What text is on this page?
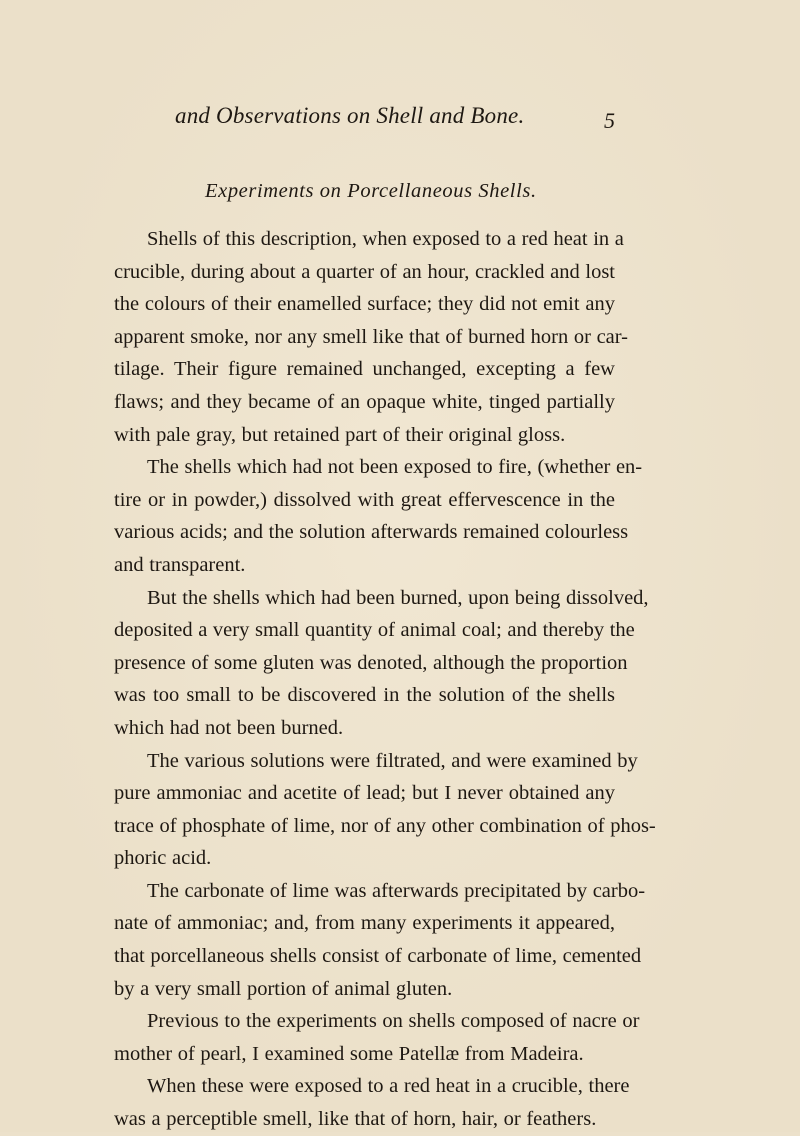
and Observations on Shell and Bone.	5
Experiments on Porcellaneous Shells.
Shells of this description, when exposed to a red heat in a
crucible, during about a quarter of an hour, crackled and lost
the colours of their enamelled surface; they did not emit any
apparent smoke, nor any smell like that of burned horn or car-
tilage. Their figure remained unchanged, excepting a few
flaws; and they became of an opaque white, tinged partially
with pale gray, but retained part of their original gloss.
The shells which had not been exposed to fire, (whether en-
tire or in powder,) dissolved with great effervescence in the
various acids; and the solution afterwards remained colourless
and transparent.
But the shells which had been burned, upon being dissolved,
deposited a very small quantity of animal coal; and thereby the
presence of some gluten was denoted, although the proportion
was too small to be discovered in the solution of the shells
which had not been burned.
The various solutions were filtrated, and were examined by
pure ammoniac and acetite of lead; but I never obtained any
trace of phosphate of lime, nor of any other combination of phos-
phoric acid.
The carbonate of lime was afterwards precipitated by carbo-
nate of ammoniac; and, from many experiments it appeared,
that porcellaneous shells consist of carbonate of lime, cemented
by a very small portion of animal gluten.
Previous to the experiments on shells composed of nacre or
mother of pearl, I examined some Patellæ from Madeira.
When these were exposed to a red heat in a crucible, there
was a perceptible smell, like that of horn, hair, or feathers.
